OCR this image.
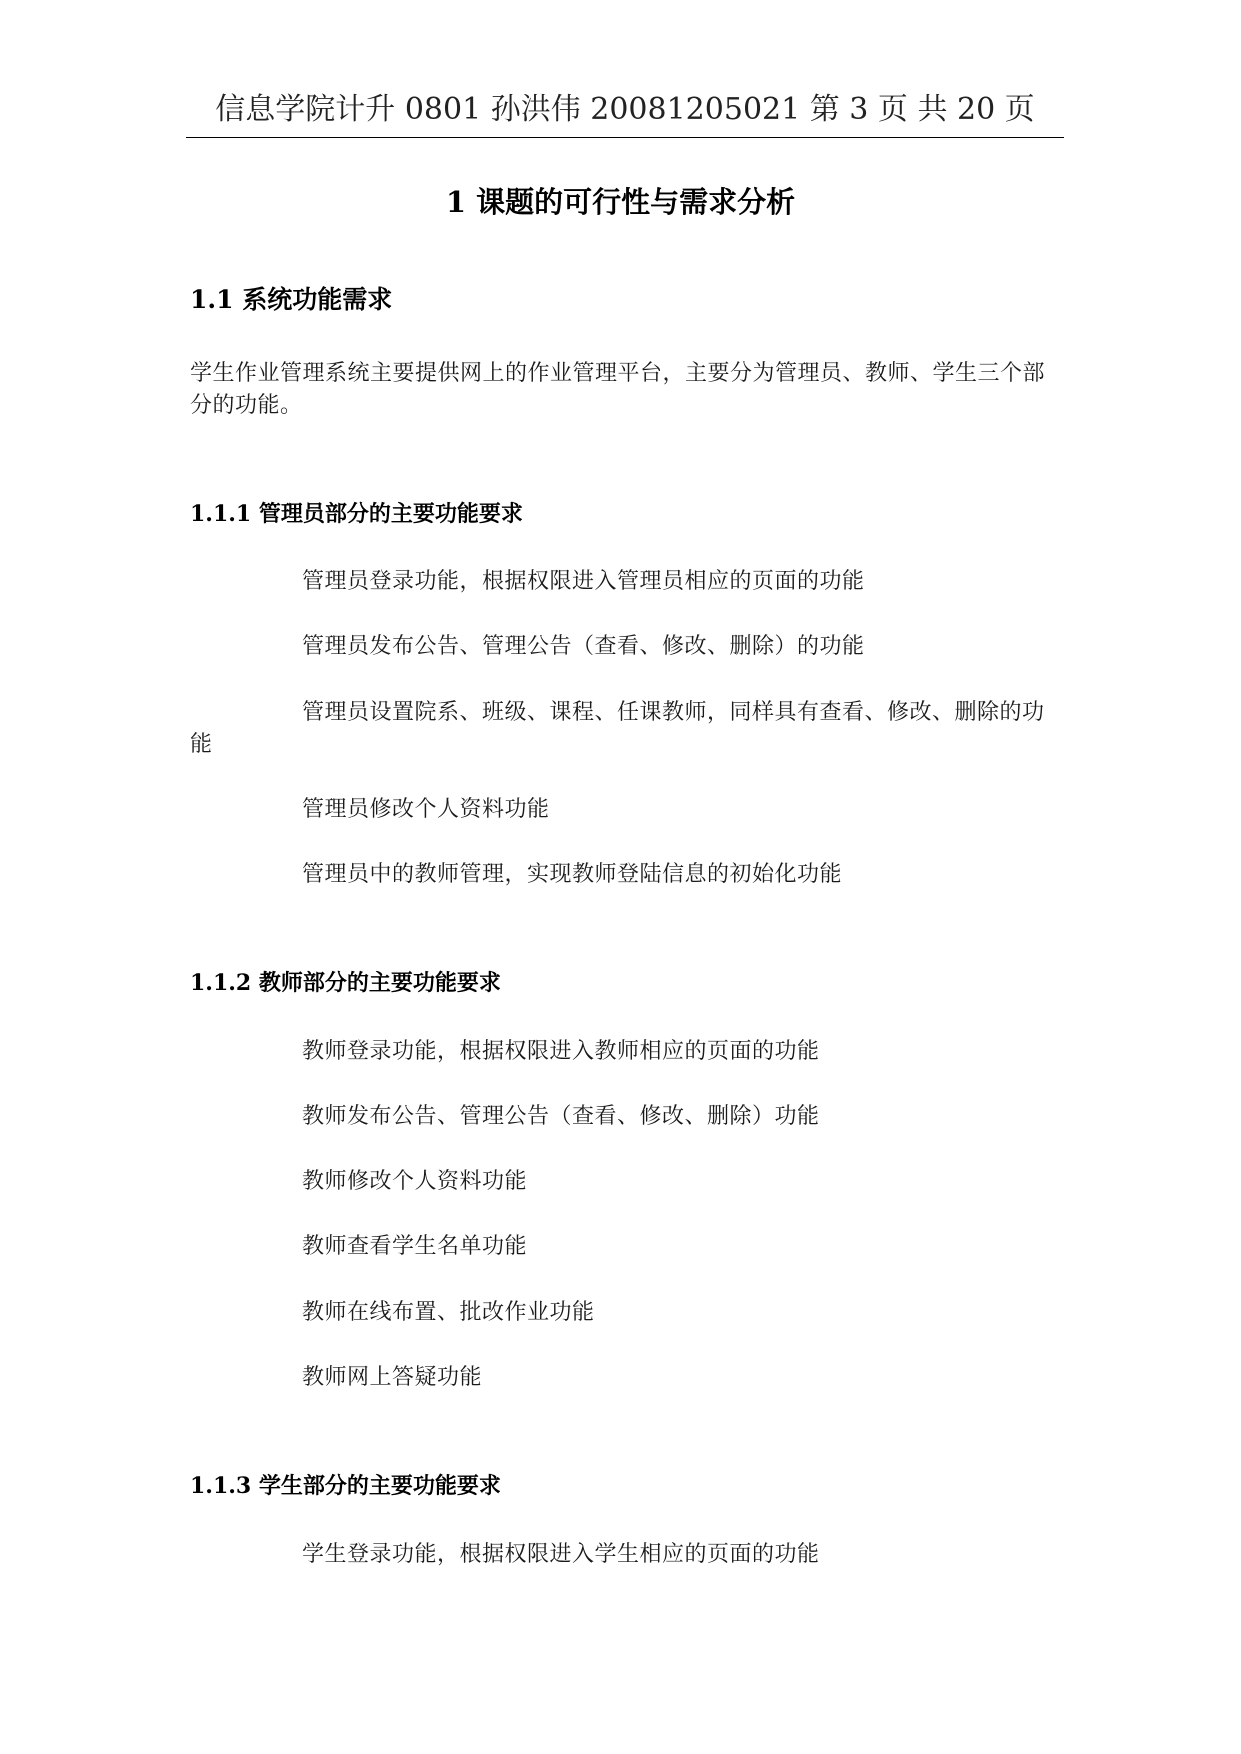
信息学院计升 0801 孙洪伟 20081205021 第 3 页 共 20 页
1 课题的可行性与需求分析
1.1 系统功能需求
学生作业管理系统主要提供网上的作业管理平台，主要分为管理员、教师、学生三个部分的功能。
1.1.1 管理员部分的主要功能要求
管理员登录功能，根据权限进入管理员相应的页面的功能
管理员发布公告、管理公告（查看、修改、删除）的功能
管理员设置院系、班级、课程、任课教师，同样具有查看、修改、删除的功能
管理员修改个人资料功能
管理员中的教师管理，实现教师登陆信息的初始化功能
1.1.2 教师部分的主要功能要求
教师登录功能，根据权限进入教师相应的页面的功能
教师发布公告、管理公告（查看、修改、删除）功能
教师修改个人资料功能
教师查看学生名单功能
教师在线布置、批改作业功能
教师网上答疑功能
1.1.3 学生部分的主要功能要求
学生登录功能，根据权限进入学生相应的页面的功能
